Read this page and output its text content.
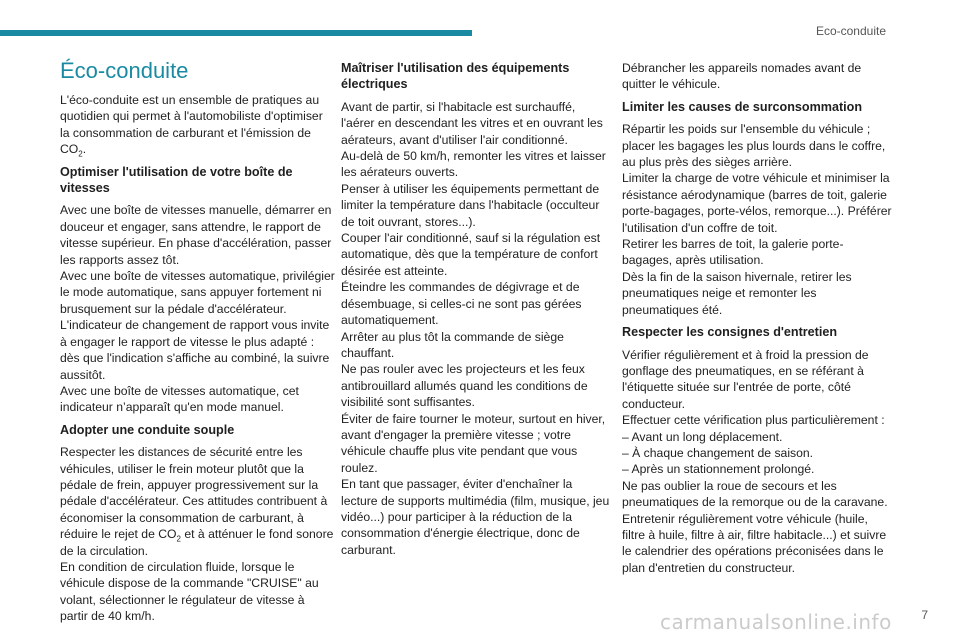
Eco-conduite
Éco-conduite

L'éco-conduite est un ensemble de pratiques au quotidien qui permet à l'automobiliste d'optimiser la consommation de carburant et l'émission de $CO_2$.

Optimiser l'utilisation de votre boîte de vitesses

Avec une boîte de vitesses manuelle, démarrer en douceur et engager, sans attendre, le rapport de vitesse supérieur. En phase d'accélération, passer les rapports assez tôt.
Avec une boîte de vitesses automatique, privilégier le mode automatique, sans appuyer fortement ni brusquement sur la pédale d'accélérateur.
L'indicateur de changement de rapport vous invite à engager le rapport de vitesse le plus adapté : dès que l'indication s'affiche au combiné, la suivre aussitôt.
Avec une boîte de vitesses automatique, cet indicateur n’apparaît qu'en mode manuel.

Adopter une conduite souple

Respecter les distances de sécurité entre les véhicules, utiliser le frein moteur plutôt que la pédale de frein, appuyer progressivement sur la pédale d'accélérateur. Ces attitudes contribuent à économiser la consommation de carburant, à réduire le rejet de $CO_2$ et à atténuer le fond sonore de la circulation.
En condition de circulation fluide, lorsque le véhicule dispose de la commande "CRUISE" au volant, sélectionner le régulateur de vitesse à partir de 40 km/h.

Maîtriser l'utilisation des équipements électriques

Avant de partir, si l'habitacle est surchauffé, l'aérer en descendant les vitres et en ouvrant les aérateurs, avant d'utiliser l'air conditionné.
Au-delà de 50 km/h, remonter les vitres et laisser les aérateurs ouverts.
Penser à utiliser les équipements permettant de limiter la température dans l'habitacle (occulteur de toit ouvrant, stores...).
Couper l'air conditionné, sauf si la régulation est automatique, dès que la température de confort désirée est atteinte.
Éteindre les commandes de dégivrage et de désembuage, si celles-ci ne sont pas gérées automatiquement.
Arrêter au plus tôt la commande de siège chauffant.
Ne pas rouler avec les projecteurs et les feux antibrouillard allumés quand les conditions de visibilité sont suffisantes.
Éviter de faire tourner le moteur, surtout en hiver, avant d'engager la première vitesse ; votre véhicule chauffe plus vite pendant que vous roulez.
En tant que passager, éviter d'enchaîner la lecture de supports multimédia (film, musique, jeu vidéo...) pour participer à la réduction de la consommation d'énergie électrique, donc de carburant.

Débrancher les appareils nomades avant de quitter le véhicule.

Limiter les causes de surconsommation

Répartir les poids sur l'ensemble du véhicule ; placer les bagages les plus lourds dans le coffre, au plus près des sièges arrière.
Limiter la charge de votre véhicule et minimiser la résistance aérodynamique (barres de toit, galerie porte-bagages, porte-vélos, remorque...). Préférer l'utilisation d'un coffre de toit.
Retirer les barres de toit, la galerie porte-bagages, après utilisation.
Dès la fin de la saison hivernale, retirer les pneumatiques neige et remonter les pneumatiques été.

Respecter les consignes d'entretien

Vérifier régulièrement et à froid la pression de gonflage des pneumatiques, en se référant à l'étiquette située sur l'entrée de porte, côté conducteur.
Effectuer cette vérification plus particulièrement :
– Avant un long déplacement.
– À chaque changement de saison.
– Après un stationnement prolongé.
Ne pas oublier la roue de secours et les pneumatiques de la remorque ou de la caravane.
Entretenir régulièrement votre véhicule (huile, filtre à huile, filtre à air, filtre habitacle...) et suivre le calendrier des opérations préconisées dans le plan d'entretien du constructeur.

carmanualsonline.info 7
